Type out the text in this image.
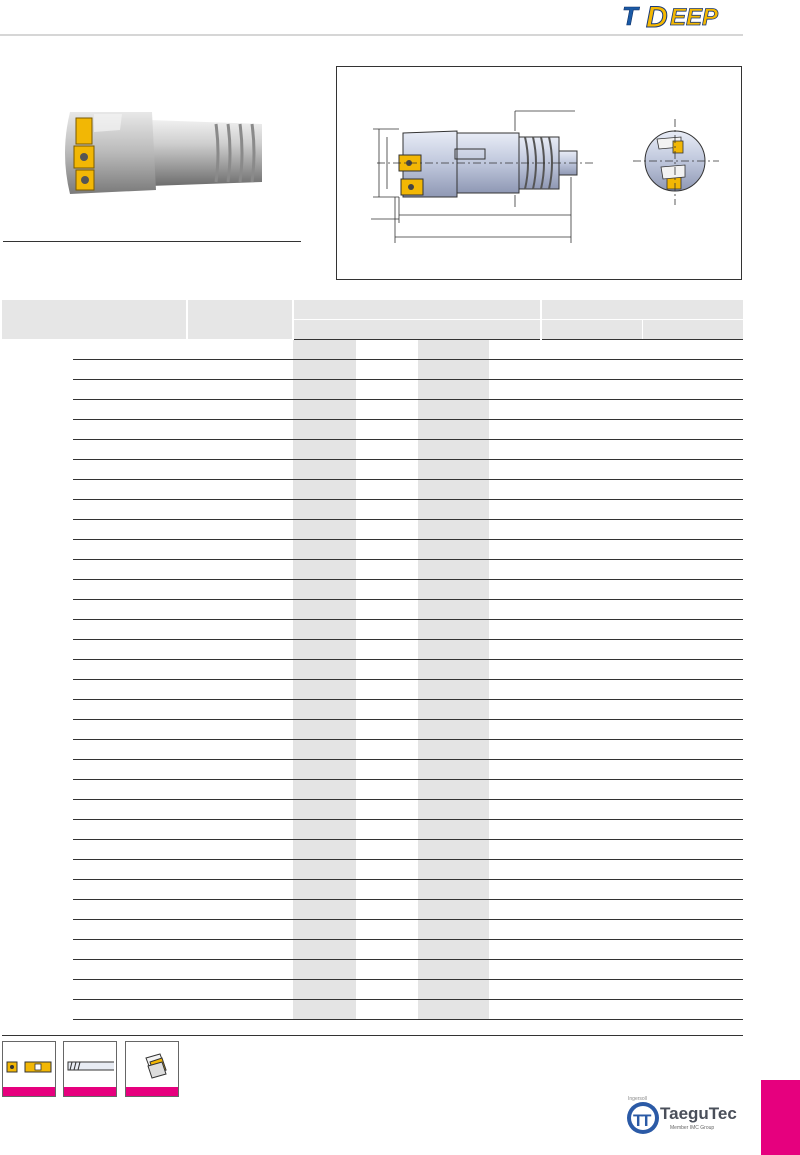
T D EEP

T
T
Ingersoll
TaeguTec
Member IMC Group
